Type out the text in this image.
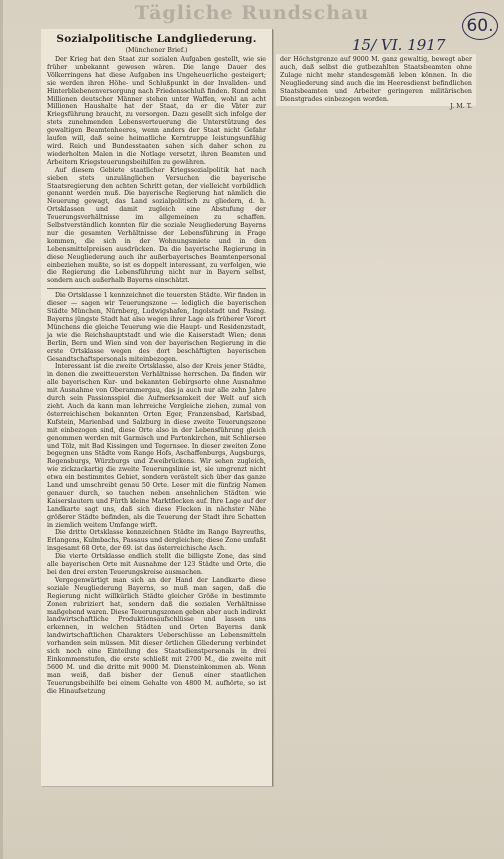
Tägliche Rundschau
15/ VI. 1917
60.
Sozialpolitische Landgliederung.
(Münchener Brief.)

Der Krieg hat den Staat zur sozialen Aufgaben gestellt, wie sie früher unbekannt gewesen wären. Die lange Dauer des Völkerringens hat diese Aufgaben ins Ungeheuerliche gesteigert; sie werden ihren Höhe- und Schlußpunkt in der Invaliden- und Hinterbliebenenversorgung nach Friedensschluß finden. Rund zehn Millionen deutscher Männer stehen unter Waffen, wohl an acht Millionen Haushalte hat der Staat, da er die Väter zur Kriegsführung braucht, zu versorgen. Dazu gesellt sich infolge der stets zunehmenden Lebensverteuerung die Unterstützung des gewaltigen Beamtenheeres, wenn anders der Staat nicht Gefahr laufen will, daß seine heimatliche Kerntruppe leistungsunfähig wird. Reich und Bundesstaaten sahen sich daher schon zu wiederholten Malen in die Notlage versetzt, ihren Beamten und Arbeitern Kriegsteuerungsbeihilfen zu gewähren.

Auf diesem Gebiete staatlicher Kriegssozialpolitik hat nach sieben stets unzulänglichen Versuchen die bayerische Staatsregierung den achten Schritt getan, der vielleicht vorbildlich genannt werden muß. Die bayerische Regierung hat nämlich die Neuerung gewagt, das Land sozialpolitisch zu gliedern, d. h. Ortsklassen und damit zugleich eine Abstufung der Teuerungsverhältnisse im allgemeinen zu schaffen. Selbstverständlich konnten für die soziale Neugliederung Bayerns nur die gesamten Verhältnisse der Lebensführung in Frage kommen, die sich in der Wohnungsmiete und in den Lebensmittelpreisen ausdrücken. Da die bayerische Regierung in diese Neugliederung auch ihr außerbayerisches Beamtenpersonal einbeziehen mußte, so ist es doppelt interessant, zu verfolgen, wie die Regierung die Lebensführung nicht nur in Bayern selbst, sondern auch außerhalb Bayerns einschätzt.

Die Ortsklasse 1 kennzeichnet die teuersten Städte. Wir finden in dieser — sagen wir Teuerungszone — lediglich die bayerischen Städte München, Nürnberg, Ludwigshafen, Ingolstadt und Pasing. Bayerns jüngste Stadt hat also wegen ihrer Lage als früherer Vorort Münchens die gleiche Teuerung wie die Haupt- und Residenzstadt, ja wie die Reichshauptstadt und wie die Kaiserstadt Wien; denn Berlin, Bern und Wien sind von der bayerischen Regierung in die erste Ortsklasse wegen des dort beschäftigten bayerischen Gesandtschaftspersonals miteinbezogen.

Interessant ist die zweite Ortsklasse, also der Kreis jener Städte, in denen die zweitteuersten Verhältnisse herrschen. Da finden wir alle bayerischen Kur- und bekannten Gebirgsorte ohne Ausnahme mit Ausnahme von Oberammergau, das ja auch nur alle zehn Jahre durch sein Passionsspiel die Aufmerksamkeit der Welt auf sich zieht. Auch da kann man lehrreiche Vergleiche ziehen, zumal von österreichischen bekannten Orten Eger, Franzensbad, Karlsbad, Kufstein, Marienbad und Salzburg in diese zweite Teuerungszone mit einbezogen sind, diese Orte also in der Lebensführung gleich genommen werden mit Garmisch und Partenkirchen, mit Schliersee und Tölz, mit Bad Kissingen und Tegernsee. In dieser zweiten Zone begegnen uns Städte vom Range Hofs, Aschaffenburgs, Augsburgs, Regensburgs, Würzburgs und Zweibrückens. Wir sehen zugleich, wie zickzackartig die zweite Teuerungslinie ist, sie umgrenzt nicht etwa ein bestimmtes Gebiet, sondern verästelt sich über das ganze Land und umschreibt genau 50 Orte. Leser mit die fünfzig Namen genauer durch, so tauchen neben ansehnlichen Städten wie Kaiserslautern und Fürth kleine Marktflecken auf. Ihre Lage auf der Landkarte sagt uns, daß sich diese Flecken in nächster Nähe größerer Städte befinden, als die Teuerung der Stadt ihre Schatten in ziemlich weitem Umfange wirft.

Die dritte Ortsklasse kennzeichnen Städte im Range Bayreuths, Erlangens, Kulmbachs, Passaus und dergleichen; diese Zone umfaßt insgesamt 68 Orte, der 69. ist das österreichische Asch.

Die vierte Ortsklasse endlich stellt die billigste Zone, das sind alle bayerischen Orte mit Ausnahme der 123 Städte und Orte, die bei den drei ersten Teuerungskreise ausmachen.

Vergegenwärtigt man sich an der Hand der Landkarte diese soziale Neugliederung Bayerns, so muß man sagen, daß die Regierung nicht willkürlich Städte gleicher Größe in bestimmte Zonen rubriziert hat, sondern daß die sozialen Verhältnisse maßgebend waren. Diese Teuerungszonen geben aber auch indirekt landwirtschaftliche Produktionsaufschlüsse und lassen uns erkennen, in welchen Städten und Orten Bayerns dank landwirtschaftlichen Charakters Ueberschüsse an Lebensmitteln vorhanden sein müssen. Mit dieser örtlichen Gliederung verbindet sich noch eine Einteilung des Staatsdienstpersonals in drei Einkommenstufen, die erste schließt mit 2700 M., die zweite mit 5600 M. und die dritte mit 9000 M. Diensteinkommen ab. Wenn man weiß, daß bisher der Genuß einer staatlichen Teuerungsbeihilfe bei einem Gehalte von 4800 M. aufhörte, so ist die Hinaufsetzung

der Höchstgrenze auf 9000 M. ganz gewaltig, bewegt aber auch, daß selbst die gutbezahlten Staatsbeamten ohne Zulage nicht mehr standesgemäß leben können. In die Neugliederung sind auch die im Heeresdienst befindlichen Staatsbeamten und Arbeiter geringeren militärischen Dienstgrades einbezogen worden.

J. M. T.
